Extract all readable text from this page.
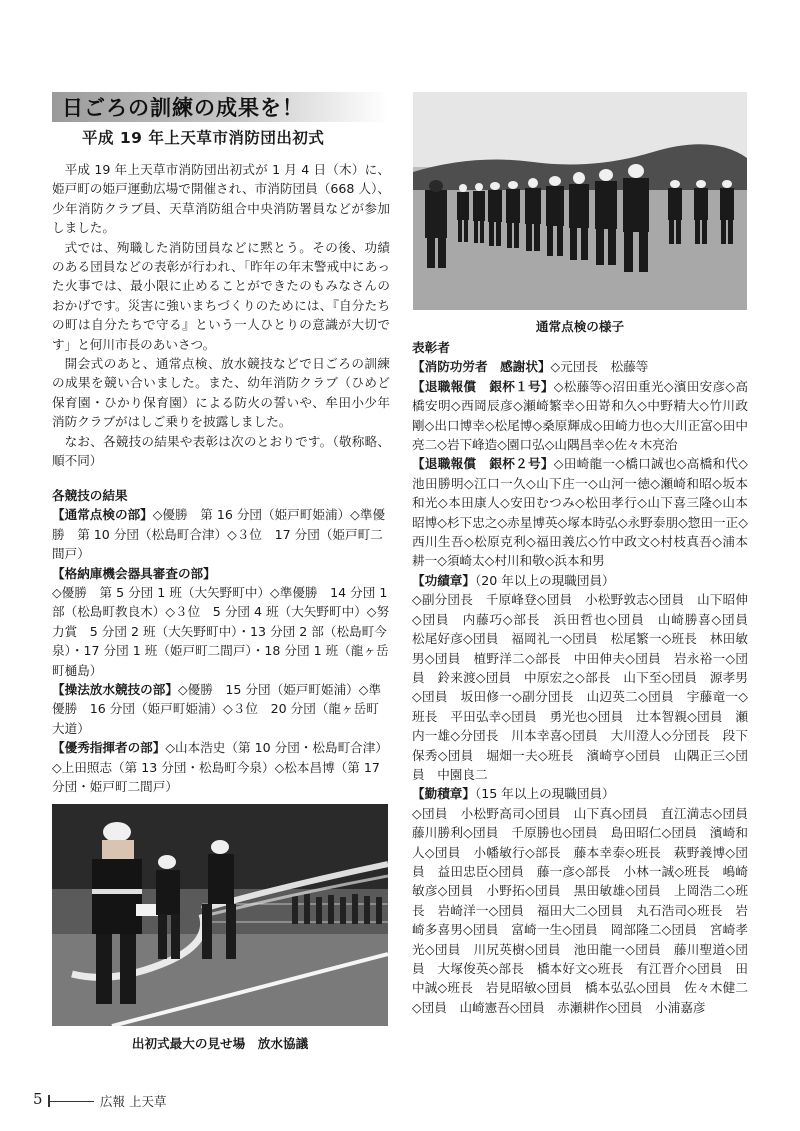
日ごろの訓練の成果を！
平成 19 年上天草市消防団出初式

平成 19 年上天草市消防団出初式が 1 月 4 日（木）に、姫戸町の姫戸運動広場で開催され、市消防団員（668 人）、少年消防クラブ員、天草消防組合中央消防署員などが参加しました。

式では、殉職した消防団員などに黙とう。その後、功績のある団員などの表彰が行われ、「昨年の年末警戒中にあった火事では、最小限に止めることができたのもみなさんのおかげです。災害に強いまちづくりのためには、『自分たちの町は自分たちで守る』という一人ひとりの意識が大切です」と何川市長のあいさつ。

開会式のあと、通常点検、放水競技などで日ごろの訓練の成果を競い合いました。また、幼年消防クラブ（ひめど保育園・ひかり保育園）による防火の誓いや、牟田小少年消防クラブがはしご乗りを披露しました。

なお、各競技の結果や表彰は次のとおりです。（敬称略、順不同）

各競技の結果
【通常点検の部】◇優勝　第 16 分団（姫戸町姫浦）◇準優勝　第 10 分団（松島町合津）◇３位　17 分団（姫戸町二間戸）
【格納庫機会器具審査の部】
◇優勝　第 5 分団 1 班（大矢野町中）◇準優勝　14 分団 1 部（松島町教良木）◇３位　5 分団 4 班（大矢野町中）◇努力賞　5 分団 2 班（大矢野町中）・13 分団 2 部（松島町今泉）・17 分団 1 班（姫戸町二間戸）・18 分団 1 班（龍ヶ岳町樋島）
【操法放水競技の部】◇優勝　15 分団（姫戸町姫浦）◇準優勝　16 分団（姫戸町姫浦）◇３位　20 分団（龍ヶ岳町大道）
【優秀指揮者の部】◇山本浩史（第 10 分団・松島町合津）◇上田照志（第 13 分団・松島町今泉）◇松本昌博（第 17 分団・姫戸町二間戸）
出初式最大の見せ場　放水協議
通常点検の様子
表彰者
【消防功労者　感謝状】◇元団長　松藤等
【退職報償　銀杯１号】◇松藤等◇沼田重光◇濱田安彦◇高橋安明◇西岡辰彦◇瀬崎繁幸◇田嵜和久◇中野精大◇竹川政剛◇出口博幸◇松尾博◇桑原輝成◇田崎力也◇大川正富◇田中亮二◇岩下峰造◇園口弘◇山隅昌幸◇佐々木亮治
【退職報償　銀杯２号】◇田崎龍一◇橋口誠也◇高橋和代◇池田勝明◇江口一久◇山下庄一◇山河一徳◇瀬崎和昭◇坂本和光◇本田康人◇安田むつみ◇松田孝行◇山下喜三隆◇山本昭博◇杉下忠之◇赤星博英◇塚本時弘◇永野泰朋◇惣田一正◇西川生吾◇松原克利◇福田義広◇竹中政文◇村枝真吾◇浦本耕一◇須崎太◇村川和敬◇浜本和男
【功績章】（20 年以上の現職団員）
◇副分団長　千原峰登◇団員　小松野敦志◇団員　山下昭伸◇団員　内藤巧◇部長　浜田哲也◇団員　山崎勝喜◇団員　松尾好彦◇団員　福岡礼一◇団員　松尾繁一◇班長　林田敏男◇団員　植野洋二◇部長　中田伸夫◇団員　岩永裕一◇団員　鈴来渡◇団員　中原宏之◇部長　山下至◇団員　源孝男◇団員　坂田修一◇副分団長　山辺英二◇団員　宇藤竜一◇班長　平田弘幸◇団員　勇光也◇団員　辻本智親◇団員　瀬内一雄◇分団長　川本幸喜◇団員　大川澄人◇分団長　段下保秀◇団員　堀畑一夫◇班長　濱崎亨◇団員　山隅正三◇団員　中園良二
【勤積章】（15 年以上の現職団員）
◇団員　小松野高司◇団員　山下真◇団員　直江満志◇団員　藤川勝利◇団員　千原勝也◇団員　島田昭仁◇団員　濱崎和人◇団員　小幡敏行◇部長　藤本幸泰◇班長　萩野義博◇団員　益田忠臣◇団員　藤一彦◇部長　小林一誠◇班長　嶋崎敏彦◇団員　小野拓◇団員　黒田敏雄◇団員　上岡浩二◇班長　岩崎洋一◇団員　福田大二◇団員　丸石浩司◇班長　岩崎多喜男◇団員　富崎一生◇団員　岡部隆二◇団員　宮崎孝光◇団員　川尻英樹◇団員　池田龍一◇団員　藤川聖道◇団員　大塚俊英◇部長　橋本好文◇班長　有江晋介◇団員　田中誠◇班長　岩見昭敏◇団員　橋本弘弘◇団員　佐々木健二◇団員　山崎憲吾◇団員　赤瀬耕作◇団員　小浦嘉彦
5	広報 上天草
